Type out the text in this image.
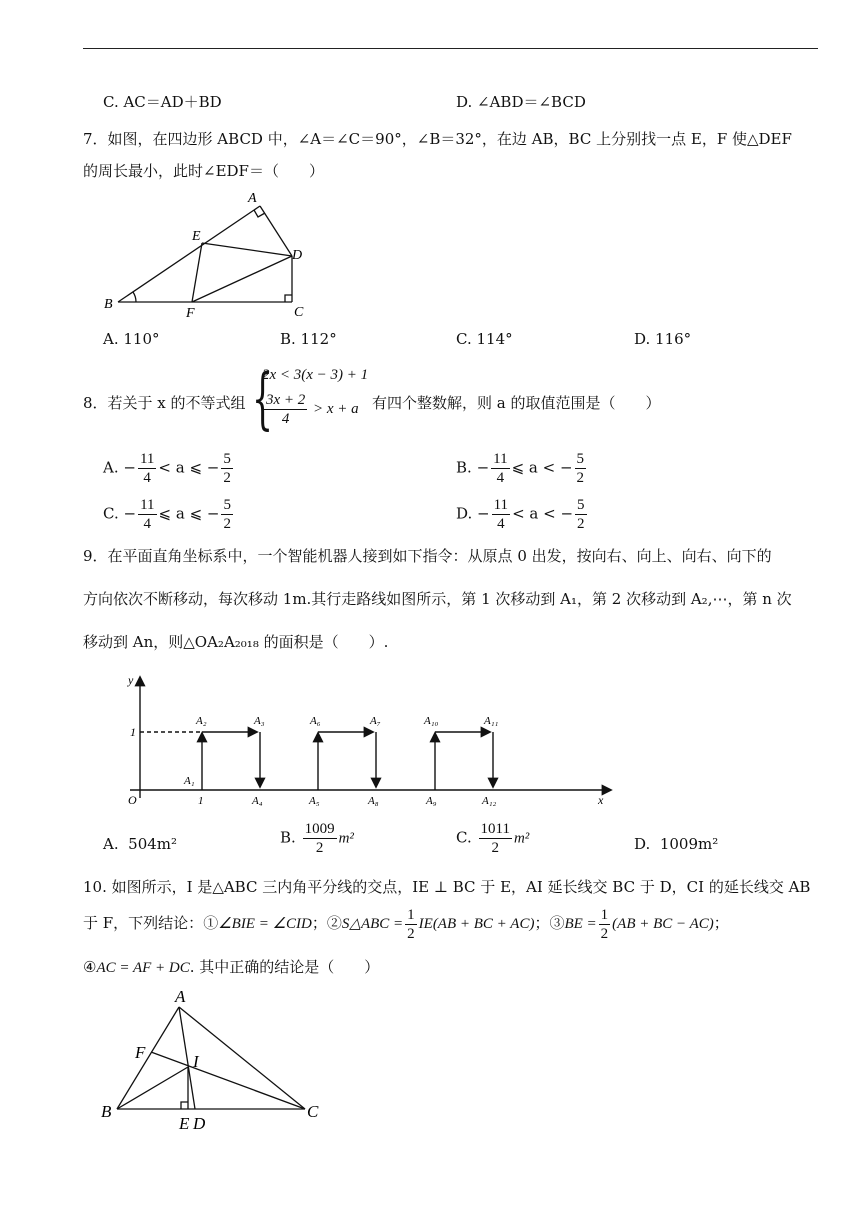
C. AC＝AD＋BD	D. ∠ABD＝∠BCD
7．如图，在四边形 ABCD 中，∠A＝∠C＝90°，∠B＝32°，在边 AB，BC 上分别找一点 E，F 使△DEF
的周长最小，此时∠EDF＝（　　）
A
B
C
D
E
F
A. 110°	B. 112°	C. 114°	D. 116°
8．若关于 x 的不等式组 {
2x < 3(x − 3) + 1
$\frac{3x + 2}{4} > x + a$ 有四个整数解，则 a 的取值范围是（　　）
A. − $\frac{11}{4} < a$ ⩽ − $\frac{5}{2}$	B. − $\frac{11}{4}$ ⩽ a < − $\frac{5}{2}$
C. − $\frac{11}{4}$ ⩽ a ⩽ − $\frac{5}{2}$	D. − $\frac{11}{4} < a$ < − $\frac{5}{2}$
9．在平面直角坐标系中，一个智能机器人接到如下指令：从原点 0 出发，按向右、向上、向右、向下的
方向依次不断移动，每次移动 1m.其行走路线如图所示，第 1 次移动到 A₁，第 2 次移动到 A₂,⋯，第 n 次
移动到 An，则△OA₂A₂₀₁₈ 的面积是（　　）.
y
x
O
1
A₁
1
A₂	A₃
A₄	A₅
A₆	A₇
A₈	A₉
A₁₀	A₁₁
A₁₂
A. 504m²	B. $\frac{1009}{2} m^2$	C. $\frac{1011}{2} m^2$	D. 1009m²
10. 如图所示，I 是△ABC 三内角平分线的交点，IE ⊥ BC 于 E，AI 延长线交 BC 于 D，CI 的延长线交 AB
于 F，下列结论：①∠BIE = ∠CID；②S△ABC = $\frac{1}{2} IE(AB$ + BC + AC)；③BE = $\frac{1}{2} (AB$ + BC − AC)；
④AC = AF + DC. 其中正确的结论是（　　）
A
B	C
E D
F	I
